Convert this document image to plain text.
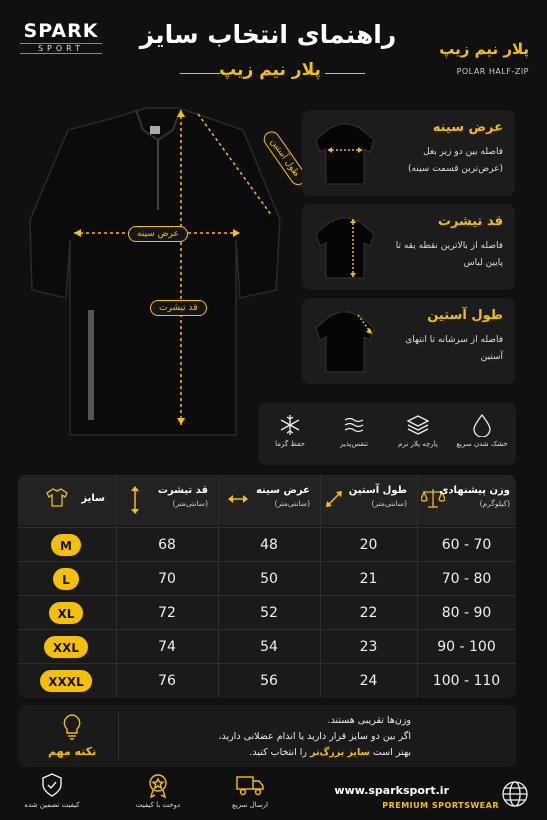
SPARK
SPORT	راهنمای انتخاب سایز
پلار نیم زیپ
پلار نیم زیپ
POLAR HALF-ZIP
طول آستین
عرض سینه
قد تیشرت
عرض سینه
فاصله بین دو زیر بغل (عرض‌ترین قسمت سینه)
قد تیشرت
فاصله از بالاترین نقطه یقه تا پایین لباس
طول آستین
فاصله از سرشانه تا انتهای آستین
حفظ گرما	تنفس‌پذیر	پارچه پلار نرم	خشک شدن سریع
سایز
قد تیشرت
(سانتی‌متر)
عرض سینه
(سانتی‌متر)
طول آستین
(سانتی‌متر)
وزن پیشنهادی
(کیلوگرم)
M	68	48	20	60 - 70
L	70	50	21	70 - 80
XL	72	52	22	80 - 90
XXL	74	54	23	90 - 100
XXXL	76	56	24	100 - 110
نکته مهم
وزن‌ها تقریبی هستند.
اگر بین دو سایز قرار دارید یا اندام عضلانی دارید،
بهتر است سایز بزرگ‌تر را انتخاب کنید.
کیفیت تضمین شده	دوخت با کیفیت	ارسال سریع
www.sparksport.ir
PREMIUM SPORTSWEAR
